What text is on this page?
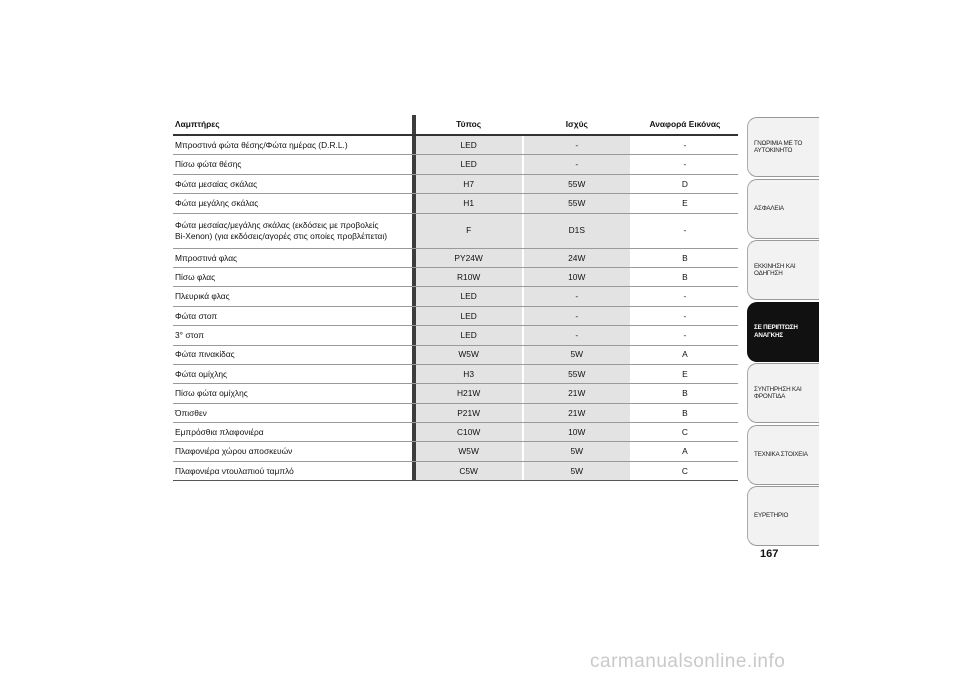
Λαμπτήρες		Τύπος		Ισχύς		Αναφορά Εικόνας
Μπροστινά φώτα θέσης/Φώτα ημέρας (D.R.L.)		LED		-		-
Πίσω φώτα θέσης		LED		-		-
Φώτα μεσαίας σκάλας		H7		55W		D
Φώτα μεγάλης σκάλας		H1		55W		E

Φώτα μεσαίας/μεγάλης σκάλας (εκδόσεις με προβολείς
Bi-Xenon) (για εκδόσεις/αγορές στις οποίες προβλέπεται)		F		D1S		-
Μπροστινά φλας		PY24W		24W		B
Πίσω φλας		R10W		10W		B
Πλευρικά φλας		LED		-		-
Φώτα στοπ		LED		-		-
3° στοπ		LED		-		-
Φώτα πινακίδας		W5W		5W		A
Φώτα ομίχλης		H3		55W		E
Πίσω φώτα ομίχλης		H21W		21W		B
Όπισθεν		P21W		21W		B
Εμπρόσθια πλαφονιέρα		C10W		10W		C
Πλαφονιέρα χώρου αποσκευών		W5W		5W		A
Πλαφονιέρα ντουλαπιού ταμπλό		C5W		5W		C
ΓΝΩΡΙΜΙΑ ΜΕ ΤΟ
ΑΥΤΟΚΙΝΗΤΟ
ΑΣΦΑΛΕΙΑ
ΕΚΚΙΝΗΣΗ ΚΑΙ
ΟΔΗΓΗΣΗ
ΣΕ ΠΕΡΙΠΤΩΣΗ
ΑΝΑΓΚΗΣ
ΣΥΝΤΗΡΗΣΗ ΚΑΙ
ΦΡΟΝΤΙΔΑ
ΤΕΧΝΙΚΑ ΣΤΟΙΧΕΙΑ
ΕΥΡΕΤΗΡΙΟ
167
carmanualsonline.info
